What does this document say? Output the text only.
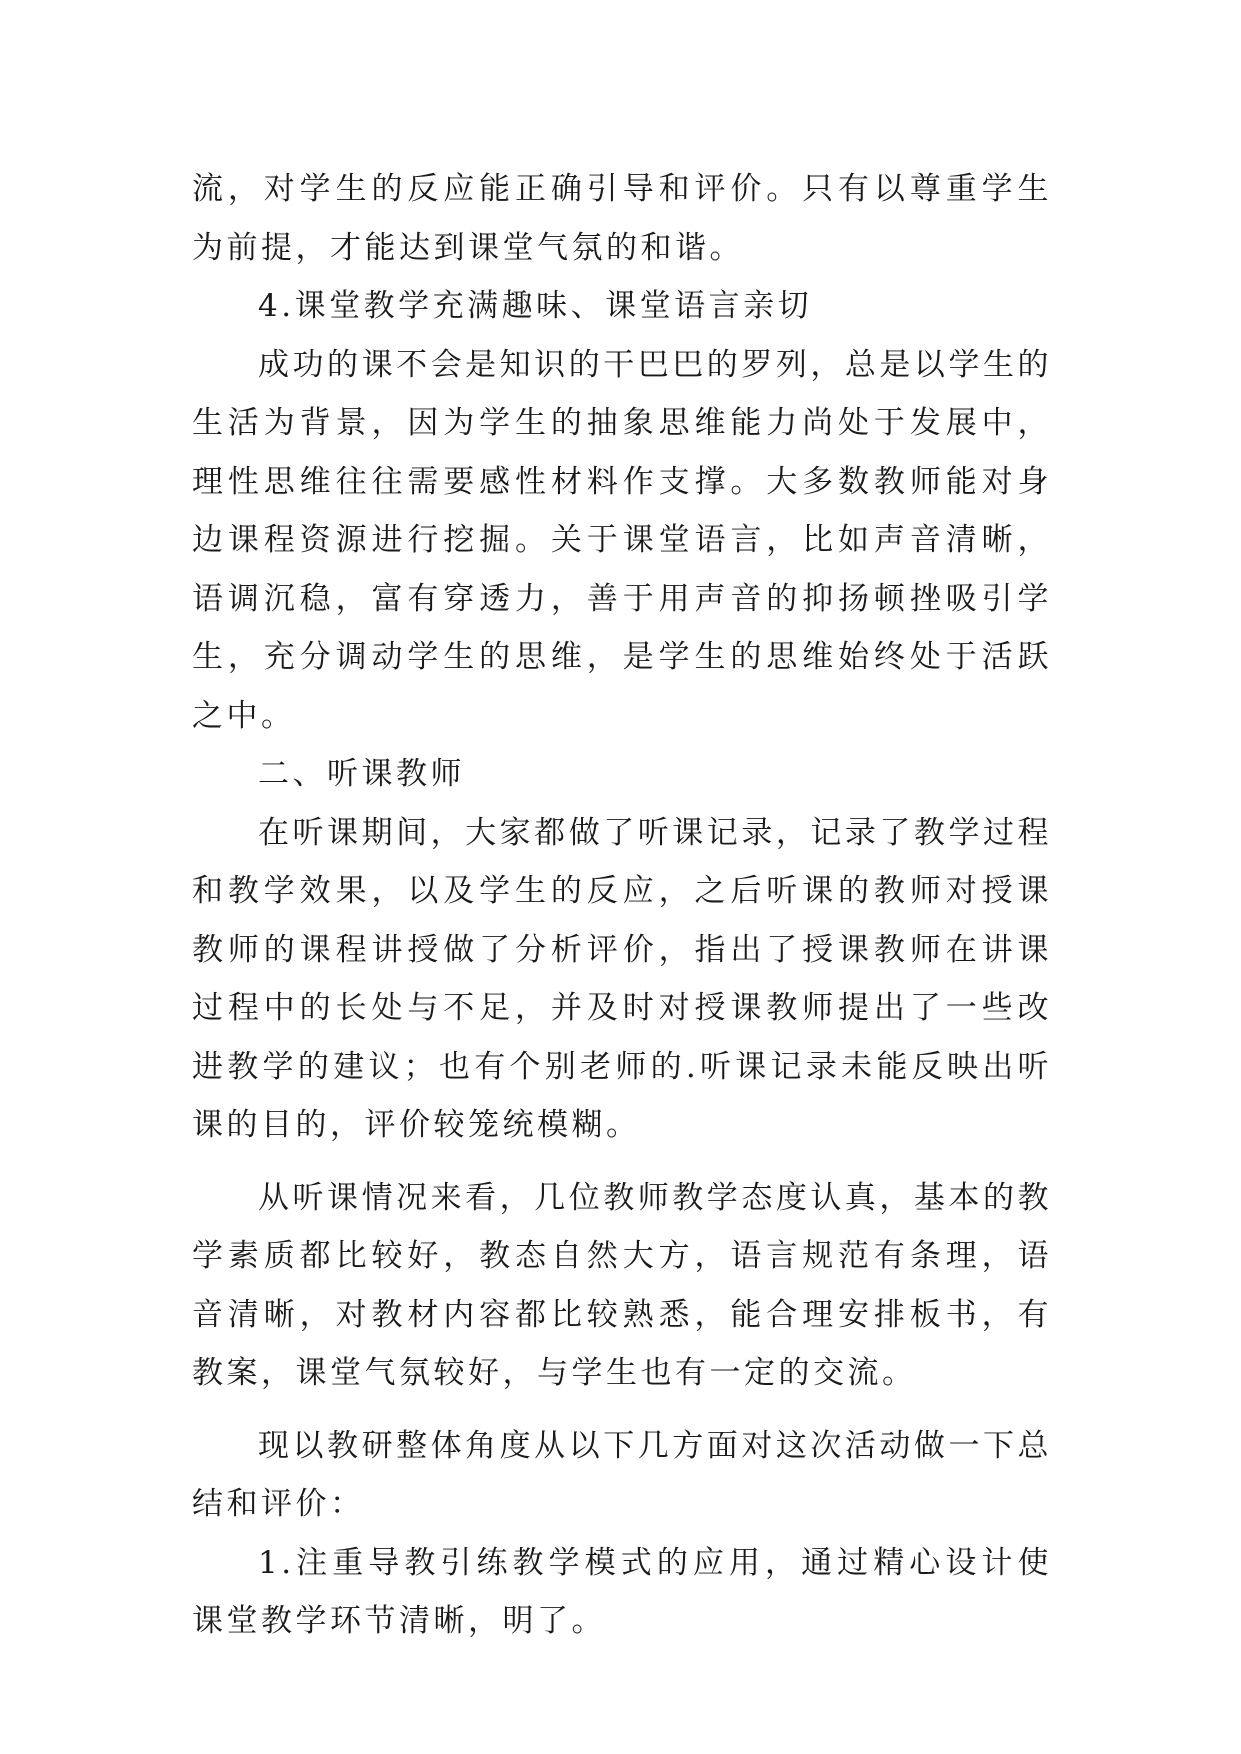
流，对学生的反应能正确引导和评价。只有以尊重学生为前提，才能达到课堂气氛的和谐。

4.课堂教学充满趣味、课堂语言亲切

成功的课不会是知识的干巴巴的罗列，总是以学生的生活为背景，因为学生的抽象思维能力尚处于发展中，理性思维往往需要感性材料作支撑。大多数教师能对身边课程资源进行挖掘。关于课堂语言，比如声音清晰，语调沉稳，富有穿透力，善于用声音的抑扬顿挫吸引学生，充分调动学生的思维，是学生的思维始终处于活跃之中。

二、听课教师

在听课期间，大家都做了听课记录，记录了教学过程和教学效果，以及学生的反应，之后听课的教师对授课教师的课程讲授做了分析评价，指出了授课教师在讲课过程中的长处与不足，并及时对授课教师提出了一些改进教学的建议；也有个别老师的.听课记录未能反映出听课的目的，评价较笼统模糊。

从听课情况来看，几位教师教学态度认真，基本的教学素质都比较好，教态自然大方，语言规范有条理，语音清晰，对教材内容都比较熟悉，能合理安排板书，有教案，课堂气氛较好，与学生也有一定的交流。

现以教研整体角度从以下几方面对这次活动做一下总结和评价：

1.注重导教引练教学模式的应用，通过精心设计使课堂教学环节清晰，明了。
